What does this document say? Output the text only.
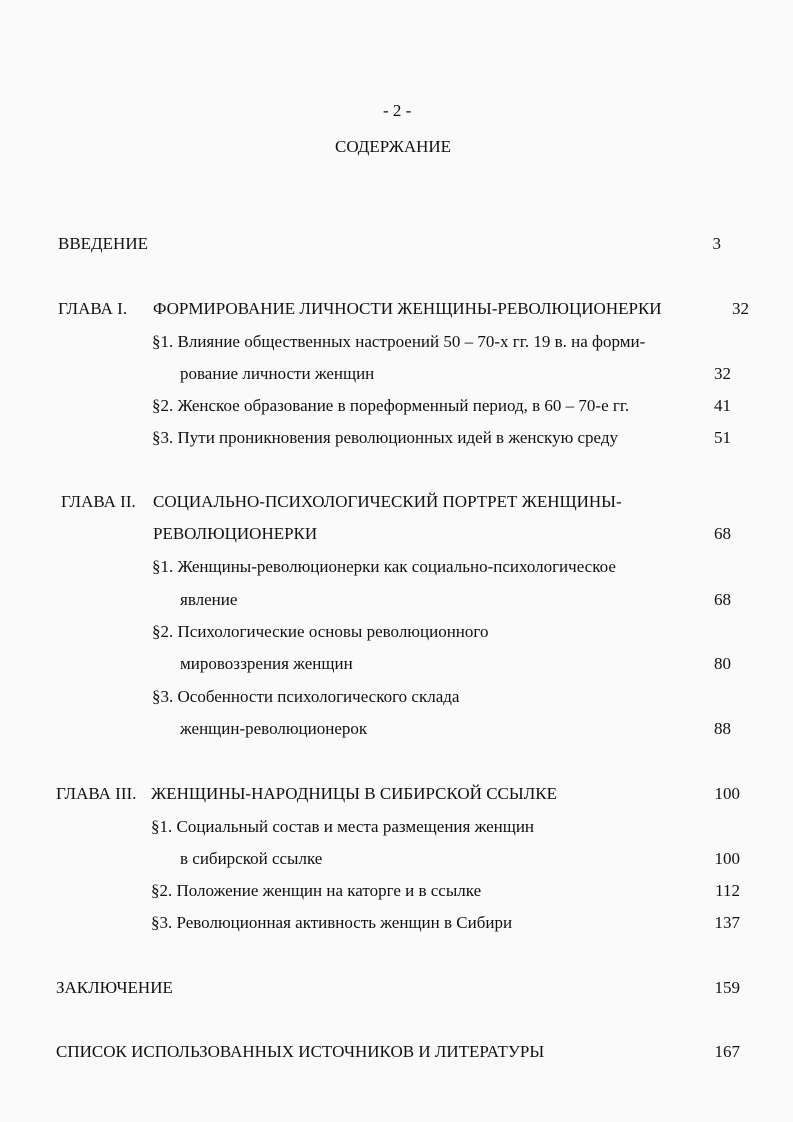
- 2 -
СОДЕРЖАНИЕ
ВВЕДЕНИЕ	3
ГЛАВА I. ФОРМИРОВАНИЕ ЛИЧНОСТИ ЖЕНЩИНЫ-РЕВОЛЮЦИОНЕРКИ	32
§1. Влияние общественных настроений 50 – 70-х гг. 19 в. на форми-
рование личности женщин	32
§2. Женское образование в пореформенный период, в 60 – 70-е гг.	41
§3. Пути проникновения революционных идей в женскую среду	51
ГЛАВА II. СОЦИАЛЬНО-ПСИХОЛОГИЧЕСКИЙ ПОРТРЕТ ЖЕНЩИНЫ-
РЕВОЛЮЦИОНЕРКИ	68
§1. Женщины-революционерки как социально-психологическое
явление	68
§2. Психологические основы революционного
мировоззрения женщин	80
§3. Особенности психологического склада
женщин-революционерок	88
ГЛАВА III. ЖЕНЩИНЫ-НАРОДНИЦЫ В СИБИРСКОЙ ССЫЛКЕ	100
§1. Социальный состав и места размещения женщин
в сибирской ссылке	100
§2. Положение женщин на каторге и в ссылке	112
§3. Революционная активность женщин в Сибири	137
ЗАКЛЮЧЕНИЕ	159
СПИСОК ИСПОЛЬЗОВАННЫХ ИСТОЧНИКОВ И ЛИТЕРАТУРЫ	167
